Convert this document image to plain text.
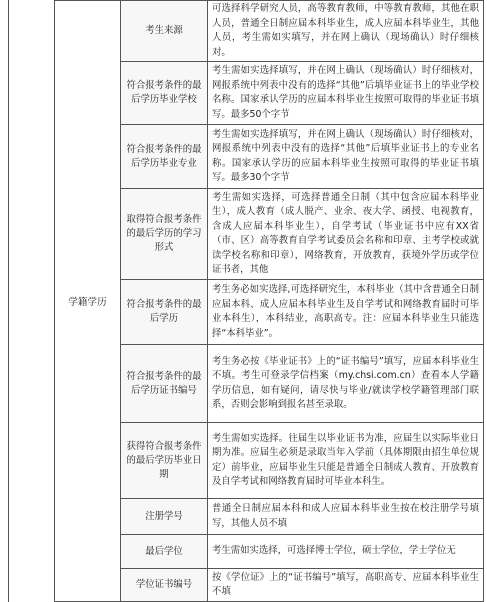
	学籍学历	考生来源	可选择科学研究人员，高等教育教师，中等教育教师，其他在职人员，普通全日制应届本科毕业生，成人应届本科毕业生，其他人员，考生需如实填写，并在网上确认（现场确认）时仔细核对。
		符合报考条件的最后学历毕业学校	考生需如实选择填写，并在网上确认（现场确认）时仔细核对，网报系统中列表中没有的选择“其他”后填毕业证书上的毕业学校名称。国家承认学历的应届本科毕业生按照可取得的毕业证书填写。最多50个字节
		符合报考条件的最后学历毕业专业	考生需如实选择填写，并在网上确认（现场确认）时仔细核对，网报系统中列表中没有的选择“其他”后填毕业证书上的专业名称。国家承认学历的应届本科毕业生按照可取得的毕业证书填写。最多30个字节
		取得符合报考条件的最后学历的学习形式	考生需如实选择，可选择普通全日制（其中包含应届本科毕业生），成人教育（成人脱产、业余、夜大学、函授、电视教育，含成人应届本科毕业生），自学考试（毕业证书中应有XX省（市、区）高等教育自学考试委员会名称和印章、主考学校或就读学校名称和印章），网络教育，开放教育，获境外学历或学位证书者，其他
		符合报考条件的最后学历	考生务必如实选择,可选择研究生，本科毕业（其中含普通全日制应届本科、成人应届本科毕业生及自学考试和网络教育届时可毕业本科生），本科结业，高职高专。注：应届本科毕业生只能选择“本科毕业”。
		符合报考条件的最后学历证书编号	考生务必按《毕业证书》上的“证书编号”填写，应届本科毕业生不填。考生可登录学信档案（my.chsi.com.cn）查看本人学籍学历信息，如有疑问，请尽快与毕业/就读学校学籍管理部门联系，否则会影响到报名甚至录取。
		获得符合报考条件的最后学历毕业日期	考生需如实选择。往届生以毕业证书为准，应届生以实际毕业日期为准。应届生必须是录取当年入学前（具体期限由招生单位规定）前毕业，应届毕业生只能是普通全日制成人教育、开放教育及自学考试和网络教育届时可毕业本科生。
		注册学号	普通全日制应届本科和成人应届本科毕业生按在校注册学号填写，其他人员不填
		最后学位	考生需如实选择，可选择博士学位，硕士学位，学士学位无
		学位证书编号	按《学位证》上的“证书编号”填写，高职高专、应届本科毕业生不填
